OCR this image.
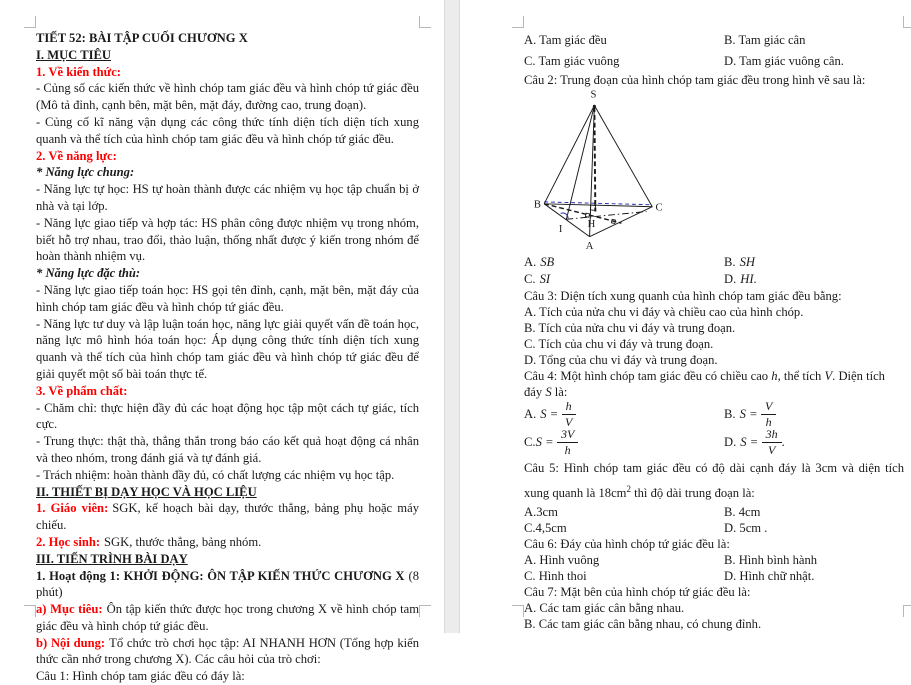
TIẾT 52: BÀI TẬP CUỐI CHƯƠNG X

I. MỤC TIÊU

1. Về kiến thức:

- Củng số các kiến thức về hình chóp tam giác đều và hình chóp tứ giác đều (Mô tả đỉnh, cạnh bên, mặt bên, mặt đáy, đường cao, trung đoạn).

- Củng cố kĩ năng vận dụng các công thức tính diện tích diện tích xung quanh và thể tích của hình chóp tam giác đều và hình chóp tứ giác đều.

2. Về năng lực:

* Năng lực chung:

- Năng lực tự học: HS tự hoàn thành được các nhiệm vụ học tập chuẩn bị ở nhà và tại lớp.

- Năng lực giao tiếp và hợp tác: HS phân công được nhiệm vụ trong nhóm, biết hỗ trợ nhau, trao đổi, thảo luận, thống nhất được ý kiến trong nhóm để hoàn thành nhiệm vụ.

* Năng lực đặc thù:

- Năng lực giao tiếp toán học: HS gọi tên đỉnh, cạnh, mặt bên, mặt đáy của hình chóp tam giác đều và hình chóp tứ giác đều.

- Năng lực tư duy và lập luận toán học, năng lực giải quyết vấn đề toán học, năng lực mô hình hóa toán học: Áp dụng công thức tính diện tích xung quanh và thể tích của hình chóp tam giác đều và hình chóp tứ giác đều để giải quyết một số bài toán thực tế.

3. Về phẩm chất:

- Chăm chỉ: thực hiện đầy đủ các hoạt động học tập một cách tự giác, tích cực.

- Trung thực: thật thà, thẳng thắn trong báo cáo kết quả hoạt động cá nhân và theo nhóm, trong đánh giá và tự đánh giá.

- Trách nhiệm: hoàn thành đầy đủ, có chất lượng các nhiệm vụ học tập.

II. THIẾT BỊ DẠY HỌC VÀ HỌC LIỆU

1. Giáo viên: SGK, kế hoạch bài dạy, thước thẳng, bảng phụ hoặc máy chiếu.

2. Học sinh: SGK, thước thẳng, bảng nhóm.

III. TIẾN TRÌNH BÀI DẠY

1. Hoạt động 1: KHỞI ĐỘNG: ÔN TẬP KIẾN THỨC CHƯƠNG X (8 phút)

a) Mục tiêu: Ôn tập kiến thức được học trong chương X về hình chóp tam giác đều và hình chóp tứ giác đều.

b) Nội dung: Tổ chức trò chơi học tập: AI NHANH HƠN (Tổng hợp kiến thức cần nhớ trong chương X). Các câu hỏi của trò chơi:

Câu 1: Hình chóp tam giác đều có đáy là:

A. Tam giác đều	B. Tam giác cân
C. Tam giác vuông	D. Tam giác vuông cân.
Câu 2: Trung đoạn của hình chóp tam giác đều trong hình vẽ sau là:
S
B	C
I H
A
A. SB	B. SH
C. SI	D. HI.
Câu 3: Diện tích xung quanh của hình chóp tam giác đều bằng:
A. Tích của nửa chu vi đáy và chiều cao của hình chóp.
B. Tích của nửa chu vi đáy và trung đoạn.
C. Tích của chu vi đáy và trung đoạn.
D. Tổng của chu vi đáy và trung đoạn.
Câu 4: Một hình chóp tam giác đều có chiều cao h, thể tích V. Diện tích đáy S là:
A. $S = \frac{h}{V}$	B. $S = \frac{V}{h}$
C. $S = \frac{3V}{h}$	D. $S = \frac{3h}{V}$ .

Câu 5: Hình chóp tam giác đều có độ dài cạnh đáy là 3cm và diện tích xung quanh là $18cm^2$ thì độ dài trung đoạn là:

A.3cm	B. 4cm
C.4,5cm	D. 5cm .
Câu 6: Đáy của hình chóp tứ giác đều là:
A. Hình vuông	B. Hình bình hành
C. Hình thoi	D. Hình chữ nhật.
Câu 7: Mặt bên của hình chóp tứ giác đều là:
A. Các tam giác cân bằng nhau.
B. Các tam giác cân bằng nhau, có chung đỉnh.
